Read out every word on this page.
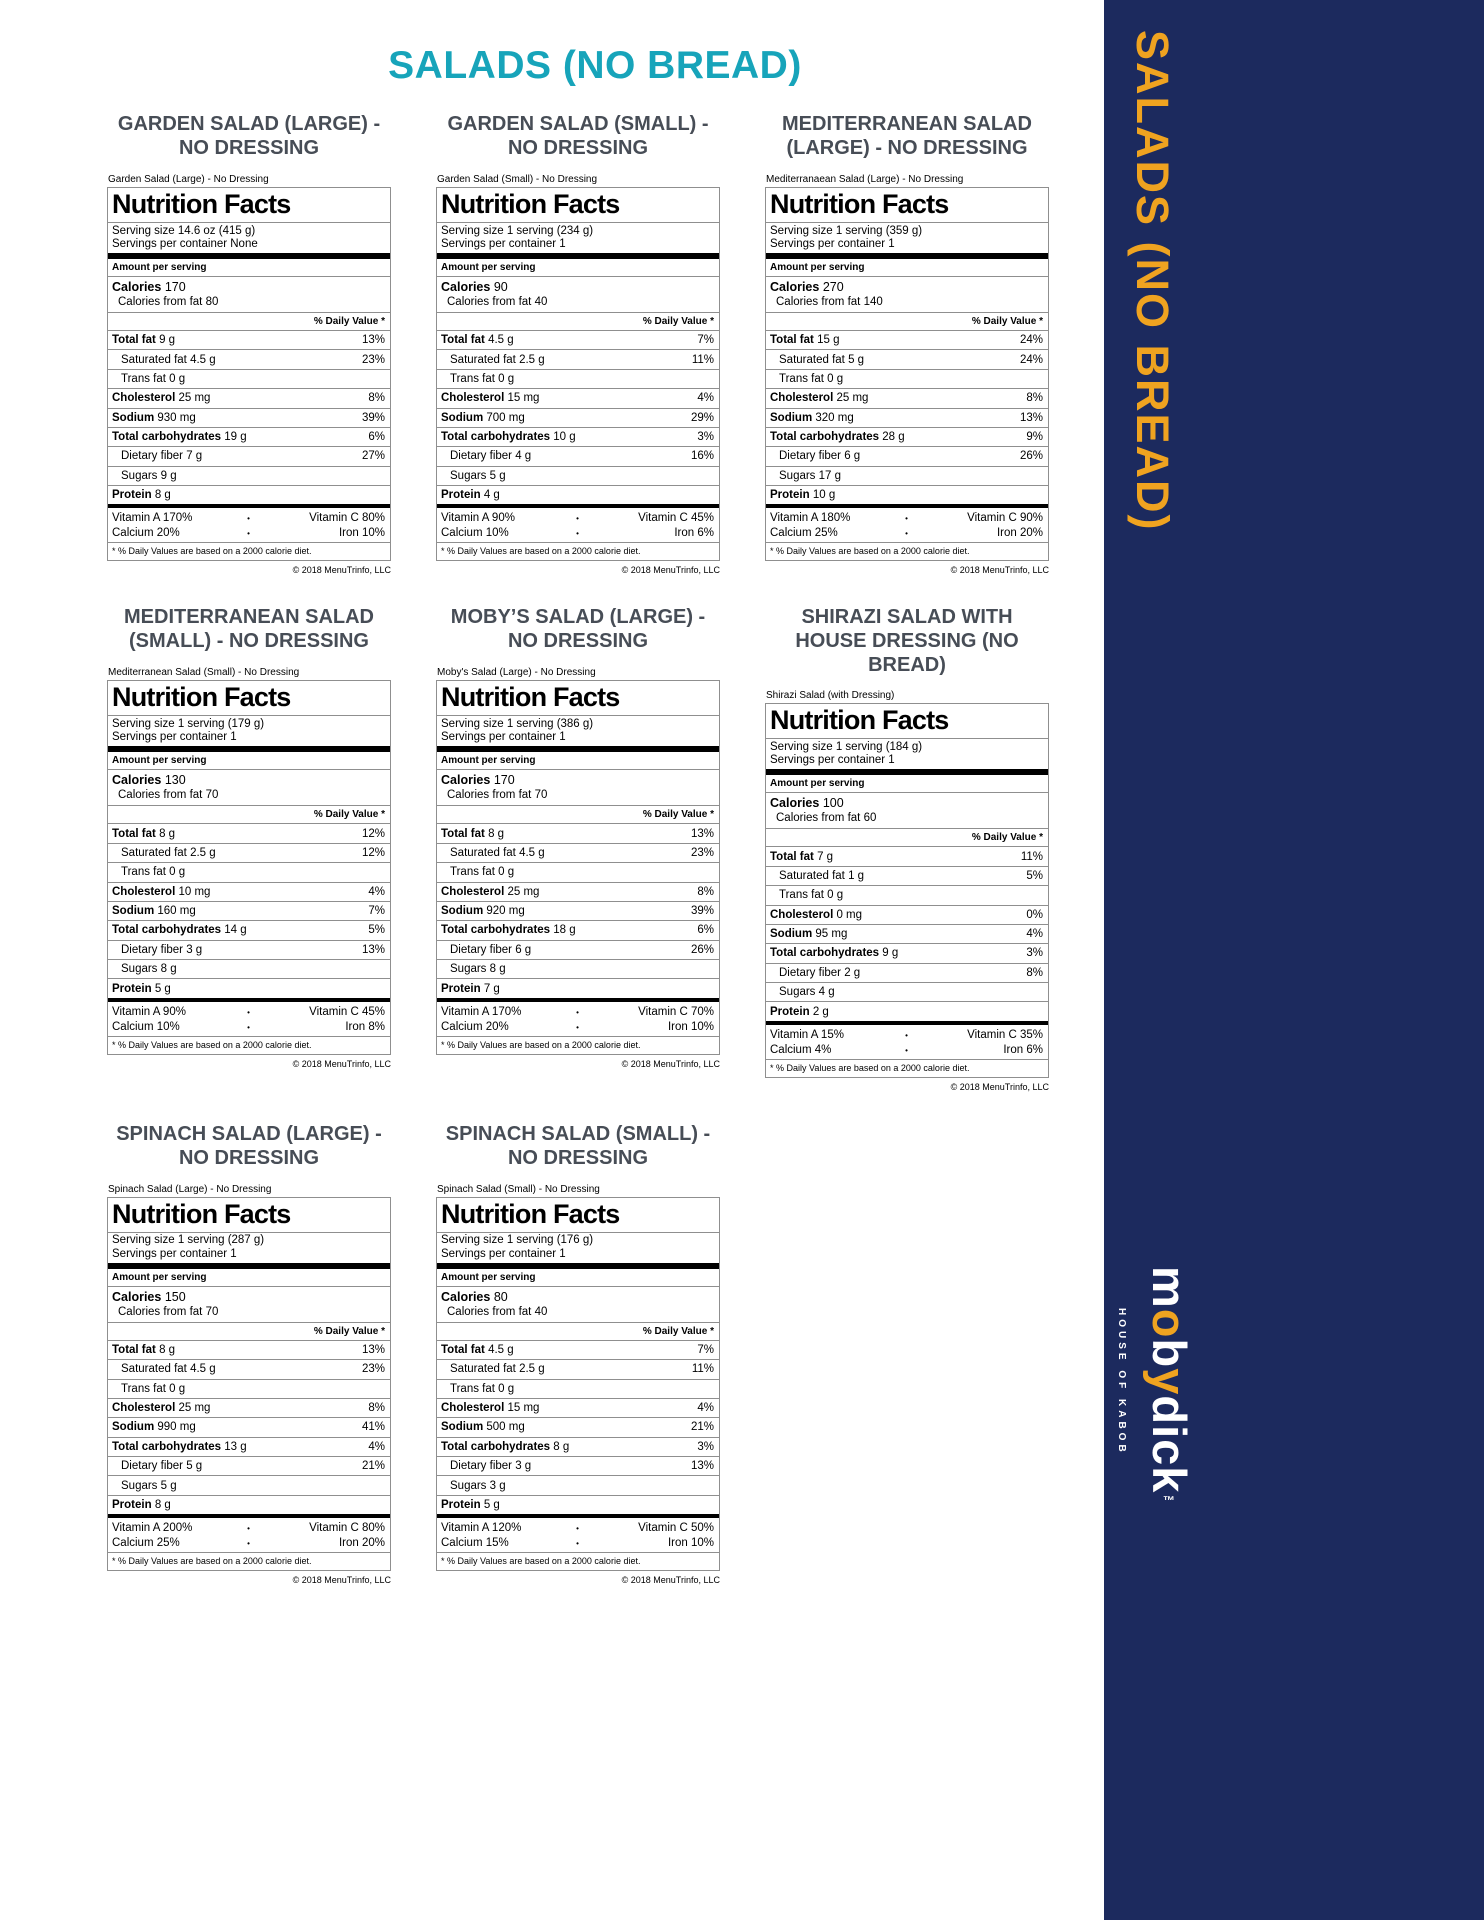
SALADS (NO BREAD)
GARDEN SALAD (LARGE) - NO DRESSING
Garden Salad (Large) - No Dressing
Nutrition Facts
Serving size 14.6 oz (415 g)
Servings per container None
Amount per serving
Calories 170
Calories from fat 80
% Daily Value *
Total fat 9 g	13%
Saturated fat 4.5 g	23%
Trans fat 0 g
Cholesterol 25 mg	8%
Sodium 930 mg	39%
Total carbohydrates 19 g	6%
Dietary fiber 7 g	27%
Sugars 9 g
Protein 8 g
Vitamin A 170%	•	Vitamin C 80%
Calcium 20%	•	Iron 10%
* % Daily Values are based on a 2000 calorie diet.
© 2018 MenuTrinfo, LLC
GARDEN SALAD (SMALL) - NO DRESSING
Garden Salad (Small) - No Dressing
Nutrition Facts
Serving size 1 serving (234 g)
Servings per container 1
Amount per serving
Calories 90
Calories from fat 40
% Daily Value *
Total fat 4.5 g	7%
Saturated fat 2.5 g	11%
Trans fat 0 g
Cholesterol 15 mg	4%
Sodium 700 mg	29%
Total carbohydrates 10 g	3%
Dietary fiber 4 g	16%
Sugars 5 g
Protein 4 g
Vitamin A 90%	•	Vitamin C 45%
Calcium 10%	•	Iron 6%
* % Daily Values are based on a 2000 calorie diet.
© 2018 MenuTrinfo, LLC
MEDITERRANEAN SALAD (LARGE) - NO DRESSING
Mediterranaean Salad (Large) - No Dressing
Nutrition Facts
Serving size 1 serving (359 g)
Servings per container 1
Amount per serving
Calories 270
Calories from fat 140
% Daily Value *
Total fat 15 g	24%
Saturated fat 5 g	24%
Trans fat 0 g
Cholesterol 25 mg	8%
Sodium 320 mg	13%
Total carbohydrates 28 g	9%
Dietary fiber 6 g	26%
Sugars 17 g
Protein 10 g
Vitamin A 180%	•	Vitamin C 90%
Calcium 25%	•	Iron 20%
* % Daily Values are based on a 2000 calorie diet.
© 2018 MenuTrinfo, LLC
MEDITERRANEAN SALAD (SMALL) - NO DRESSING
Mediterranean Salad (Small) - No Dressing
Nutrition Facts
Serving size 1 serving (179 g)
Servings per container 1
Amount per serving
Calories 130
Calories from fat 70
% Daily Value *
Total fat 8 g	12%
Saturated fat 2.5 g	12%
Trans fat 0 g
Cholesterol 10 mg	4%
Sodium 160 mg	7%
Total carbohydrates 14 g	5%
Dietary fiber 3 g	13%
Sugars 8 g
Protein 5 g
Vitamin A 90%	•	Vitamin C 45%
Calcium 10%	•	Iron 8%
* % Daily Values are based on a 2000 calorie diet.
© 2018 MenuTrinfo, LLC
MOBY’S SALAD (LARGE) - NO DRESSING
Moby's Salad (Large) - No Dressing
Nutrition Facts
Serving size 1 serving (386 g)
Servings per container 1
Amount per serving
Calories 170
Calories from fat 70
% Daily Value *
Total fat 8 g	13%
Saturated fat 4.5 g	23%
Trans fat 0 g
Cholesterol 25 mg	8%
Sodium 920 mg	39%
Total carbohydrates 18 g	6%
Dietary fiber 6 g	26%
Sugars 8 g
Protein 7 g
Vitamin A 170%	•	Vitamin C 70%
Calcium 20%	•	Iron 10%
* % Daily Values are based on a 2000 calorie diet.
© 2018 MenuTrinfo, LLC
SHIRAZI SALAD WITH HOUSE DRESSING (NO BREAD)
Shirazi Salad (with Dressing)
Nutrition Facts
Serving size 1 serving (184 g)
Servings per container 1
Amount per serving
Calories 100
Calories from fat 60
% Daily Value *
Total fat 7 g	11%
Saturated fat 1 g	5%
Trans fat 0 g
Cholesterol 0 mg	0%
Sodium 95 mg	4%
Total carbohydrates 9 g	3%
Dietary fiber 2 g	8%
Sugars 4 g
Protein 2 g
Vitamin A 15%	•	Vitamin C 35%
Calcium 4%	•	Iron 6%
* % Daily Values are based on a 2000 calorie diet.
© 2018 MenuTrinfo, LLC
SPINACH SALAD (LARGE) - NO DRESSING
Spinach Salad (Large) - No Dressing
Nutrition Facts
Serving size 1 serving (287 g)
Servings per container 1
Amount per serving
Calories 150
Calories from fat 70
% Daily Value *
Total fat 8 g	13%
Saturated fat 4.5 g	23%
Trans fat 0 g
Cholesterol 25 mg	8%
Sodium 990 mg	41%
Total carbohydrates 13 g	4%
Dietary fiber 5 g	21%
Sugars 5 g
Protein 8 g
Vitamin A 200%	•	Vitamin C 80%
Calcium 25%	•	Iron 20%
* % Daily Values are based on a 2000 calorie diet.
© 2018 MenuTrinfo, LLC
SPINACH SALAD (SMALL) - NO DRESSING
Spinach Salad (Small) - No Dressing
Nutrition Facts
Serving size 1 serving (176 g)
Servings per container 1
Amount per serving
Calories 80
Calories from fat 40
% Daily Value *
Total fat 4.5 g	7%
Saturated fat 2.5 g	11%
Trans fat 0 g
Cholesterol 15 mg	4%
Sodium 500 mg	21%
Total carbohydrates 8 g	3%
Dietary fiber 3 g	13%
Sugars 3 g
Protein 5 g
Vitamin A 120%	•	Vitamin C 50%
Calcium 15%	•	Iron 10%
* % Daily Values are based on a 2000 calorie diet.
© 2018 MenuTrinfo, LLC
SALADS (NO BREAD)
HOUSE OF KABOB
mobydick™
